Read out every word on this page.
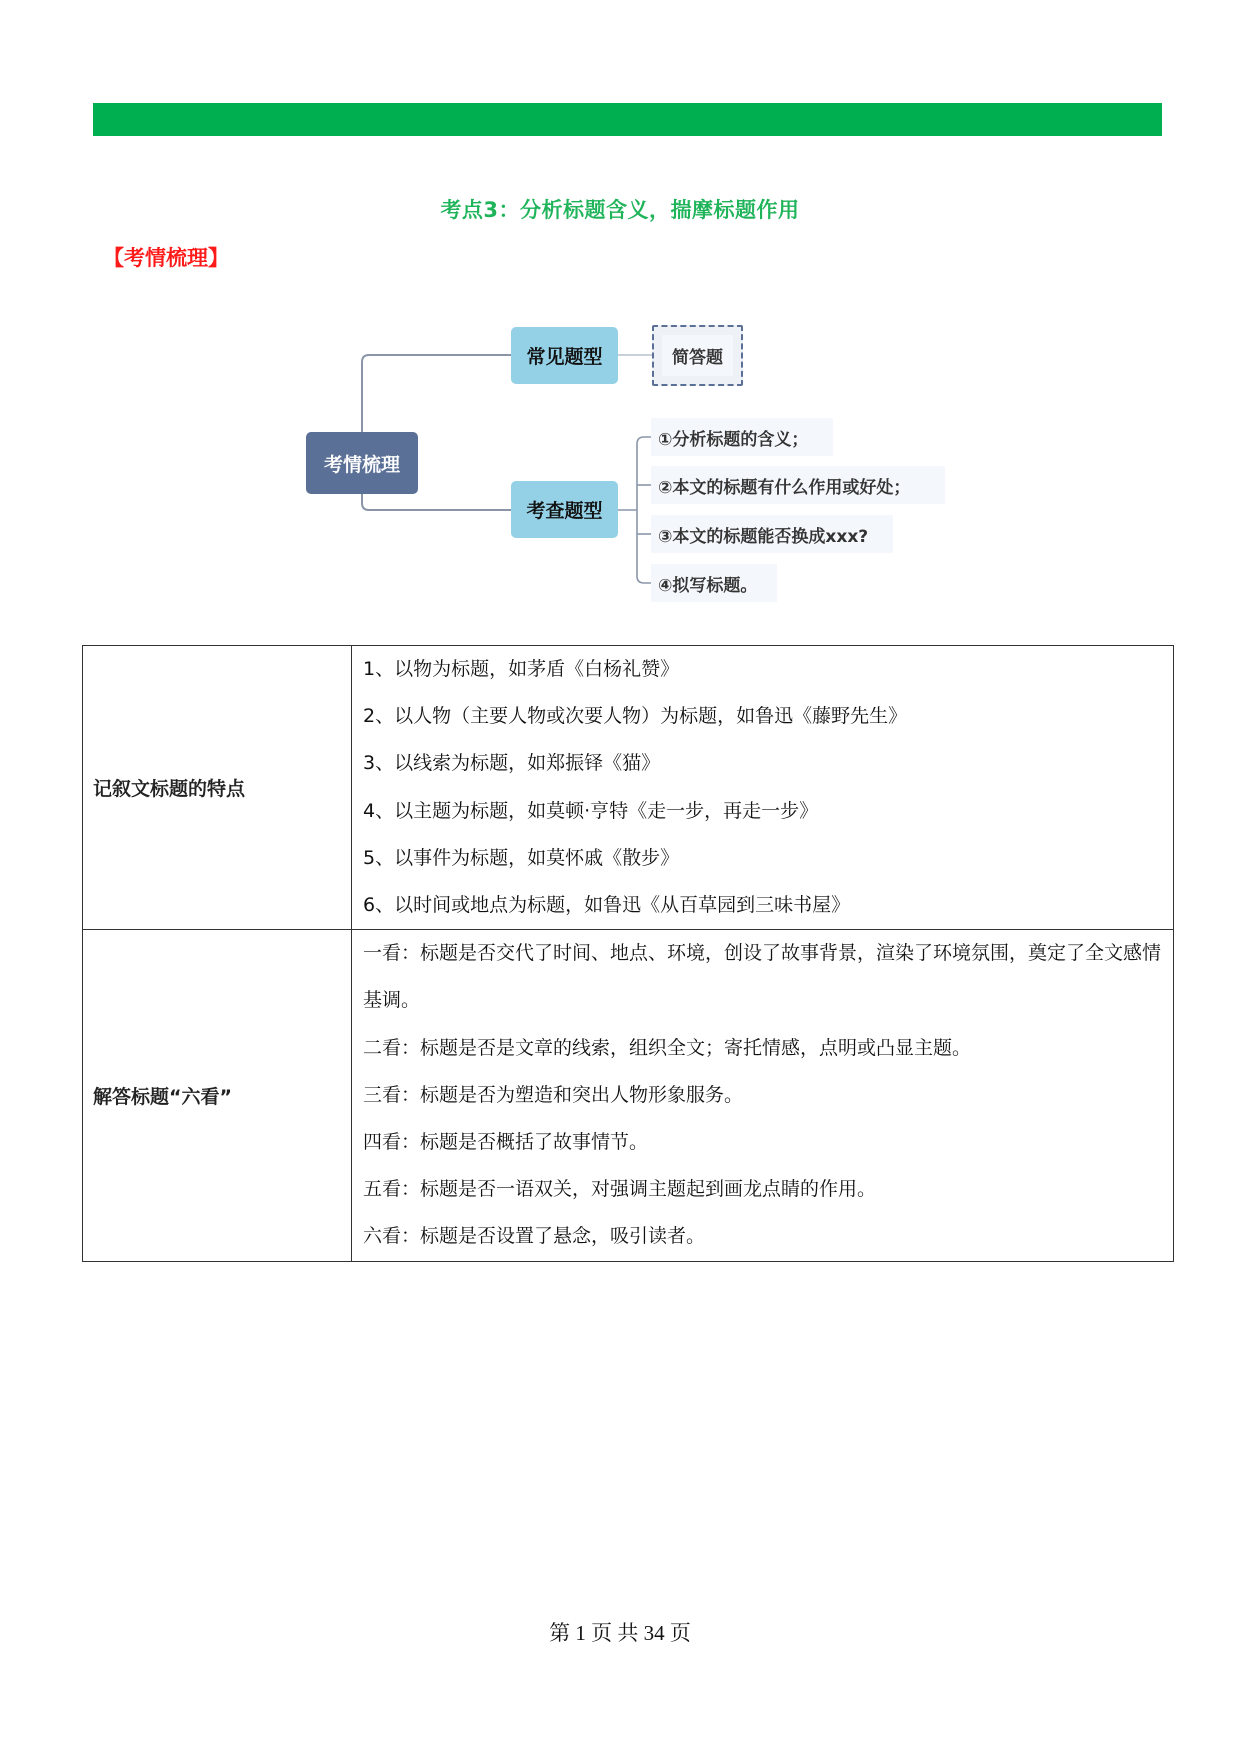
考点3：分析标题含义，揣摩标题作用
【考情梳理】
考情梳理
常见题型
考查题型
简答题
①分析标题的含义；
②本文的标题有什么作用或好处；
③本文的标题能否换成xxx?
④拟写标题。
记叙文标题的特点	
1、以物为标题，如茅盾《白杨礼赞》
2、以人物（主要人物或次要人物）为标题，如鲁迅《藤野先生》
3、以线索为标题，如郑振铎《猫》
4、以主题为标题，如莫顿·亨特《走一步，再走一步》
5、以事件为标题，如莫怀戚《散步》
6、以时间或地点为标题，如鲁迅《从百草园到三味书屋》

解答标题“六看”	
一看：标题是否交代了时间、地点、环境，创设了故事背景，渲染了环境氛围，奠定了全文感情基调。
二看：标题是否是文章的线索，组织全文；寄托情感，点明或凸显主题。
三看：标题是否为塑造和突出人物形象服务。
四看：标题是否概括了故事情节。
五看：标题是否一语双关，对强调主题起到画龙点睛的作用。
六看：标题是否设置了悬念，吸引读者。
第 1 页 共 34 页
